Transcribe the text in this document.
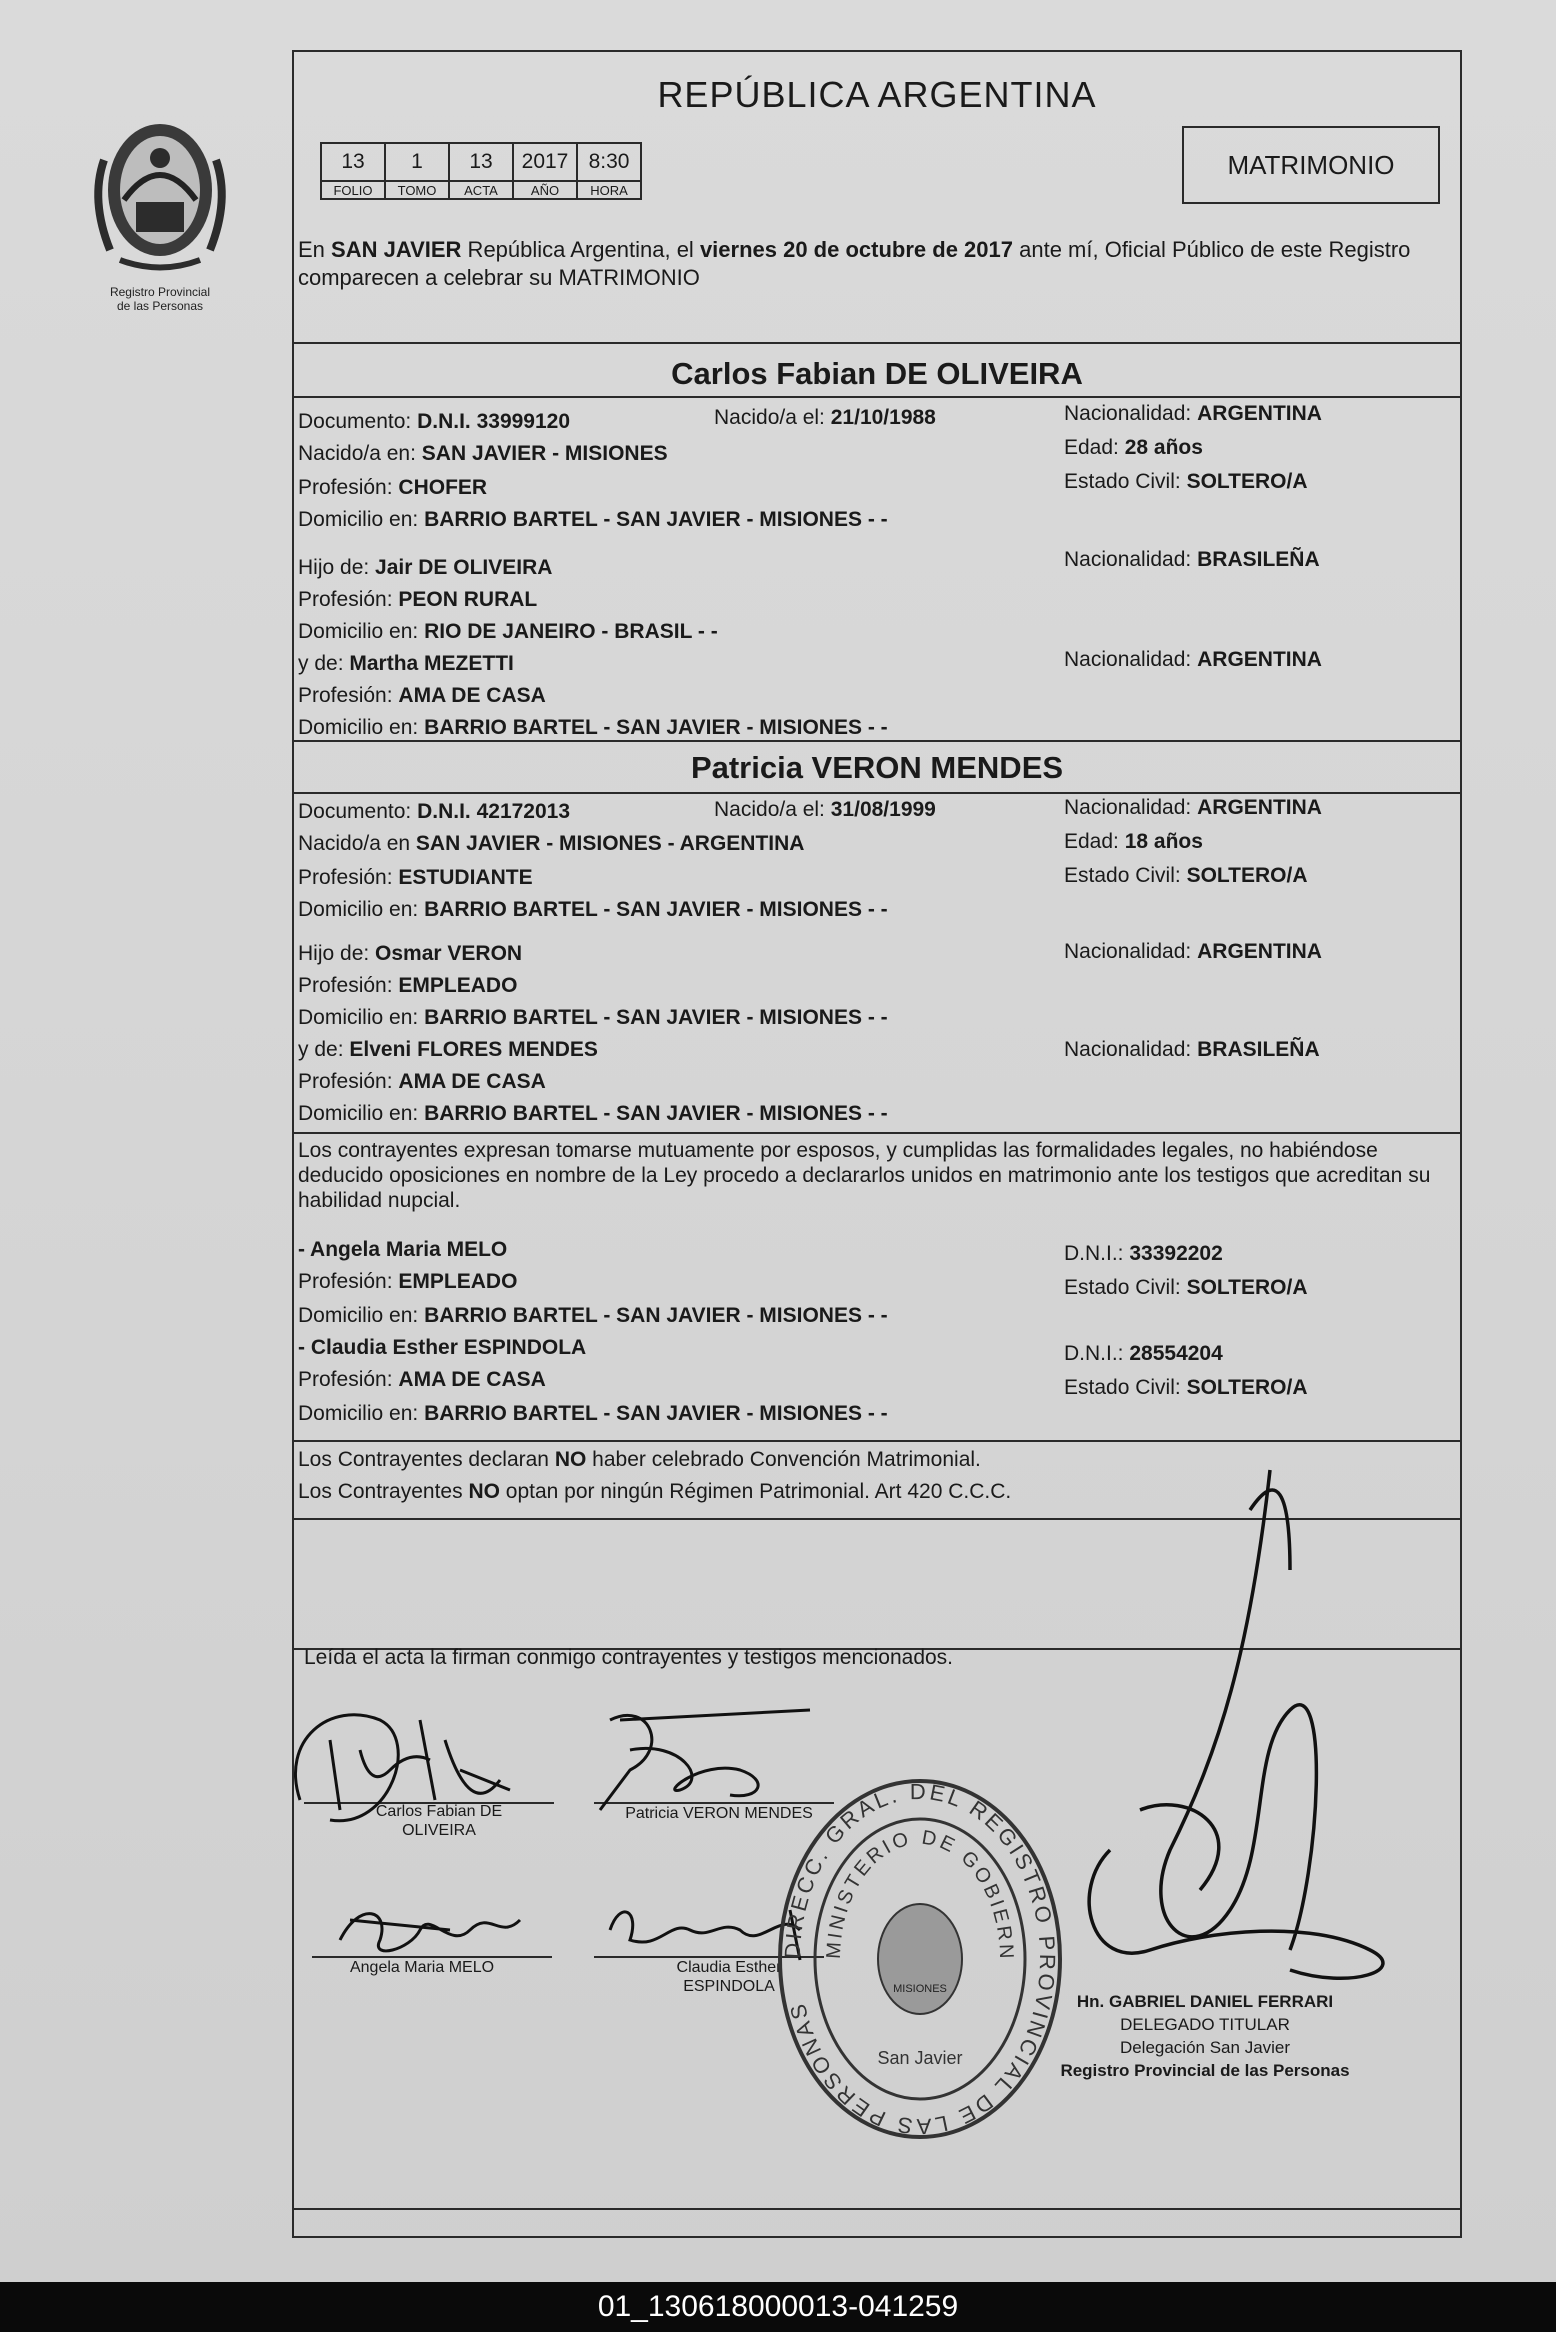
Registro Provincial
de las Personas
REPÚBLICA ARGENTINA
13	1	13	2017	8:30
FOLIO	TOMO	ACTA	AÑO	HORA
MATRIMONIO
En SAN JAVIER República Argentina, el viernes 20 de octubre de 2017 ante mí, Oficial Público de este Registro comparecen a celebrar su MATRIMONIO
Carlos Fabian DE OLIVEIRA
Documento: D.N.I. 33999120	Nacido/a el: 21/10/1988	Nacionalidad: ARGENTINA
Nacido/a en: SAN JAVIER - MISIONES	Edad: 28 años
Profesión: CHOFER	Estado Civil: SOLTERO/A
Domicilio en: BARRIO BARTEL - SAN JAVIER - MISIONES - -
Hijo de: Jair DE OLIVEIRA	Nacionalidad: BRASILEÑA
Profesión: PEON RURAL
Domicilio en: RIO DE JANEIRO - BRASIL - -
y de: Martha MEZETTI	Nacionalidad: ARGENTINA
Profesión: AMA DE CASA
Domicilio en: BARRIO BARTEL - SAN JAVIER - MISIONES - -
Patricia VERON MENDES
Documento: D.N.I. 42172013	Nacido/a el: 31/08/1999	Nacionalidad: ARGENTINA
Nacido/a en SAN JAVIER - MISIONES - ARGENTINA	Edad: 18 años
Profesión: ESTUDIANTE	Estado Civil: SOLTERO/A
Domicilio en: BARRIO BARTEL - SAN JAVIER - MISIONES - -
Hijo de: Osmar VERON	Nacionalidad: ARGENTINA
Profesión: EMPLEADO
Domicilio en: BARRIO BARTEL - SAN JAVIER - MISIONES - -
y de: Elveni FLORES MENDES	Nacionalidad: BRASILEÑA
Profesión: AMA DE CASA
Domicilio en: BARRIO BARTEL - SAN JAVIER - MISIONES - -
Los contrayentes expresan tomarse mutuamente por esposos, y cumplidas las formalidades legales, no habiéndose deducido oposiciones en nombre de la Ley procedo a declararlos unidos en matrimonio ante los testigos que acreditan su habilidad nupcial.
- Angela Maria MELO	D.N.I.: 33392202
Profesión: EMPLEADO	Estado Civil: SOLTERO/A
Domicilio en: BARRIO BARTEL - SAN JAVIER - MISIONES - -
- Claudia Esther ESPINDOLA	D.N.I.: 28554204
Profesión: AMA DE CASA	Estado Civil: SOLTERO/A
Domicilio en: BARRIO BARTEL - SAN JAVIER - MISIONES - -
Los Contrayentes declaran NO haber celebrado Convención Matrimonial.
Los Contrayentes NO optan por ningún Régimen Patrimonial. Art 420 C.C.C.
Leída el acta la firman conmigo contrayentes y testigos mencionados.
Carlos Fabian DE
OLIVEIRA
Patricia VERON MENDES
Angela Maria MELO	Claudia Esther
ESPINDOLA
Hn. GABRIEL DANIEL FERRARI
DELEGADO TITULAR
Delegación San Javier
Registro Provincial de las Personas
DIRECC. GRAL. DEL REGISTRO PROVINCIAL DE LAS PERSONAS
MINISTERIO DE GOBIERN
MISIONES
San Javier
01_130618000013-041259
